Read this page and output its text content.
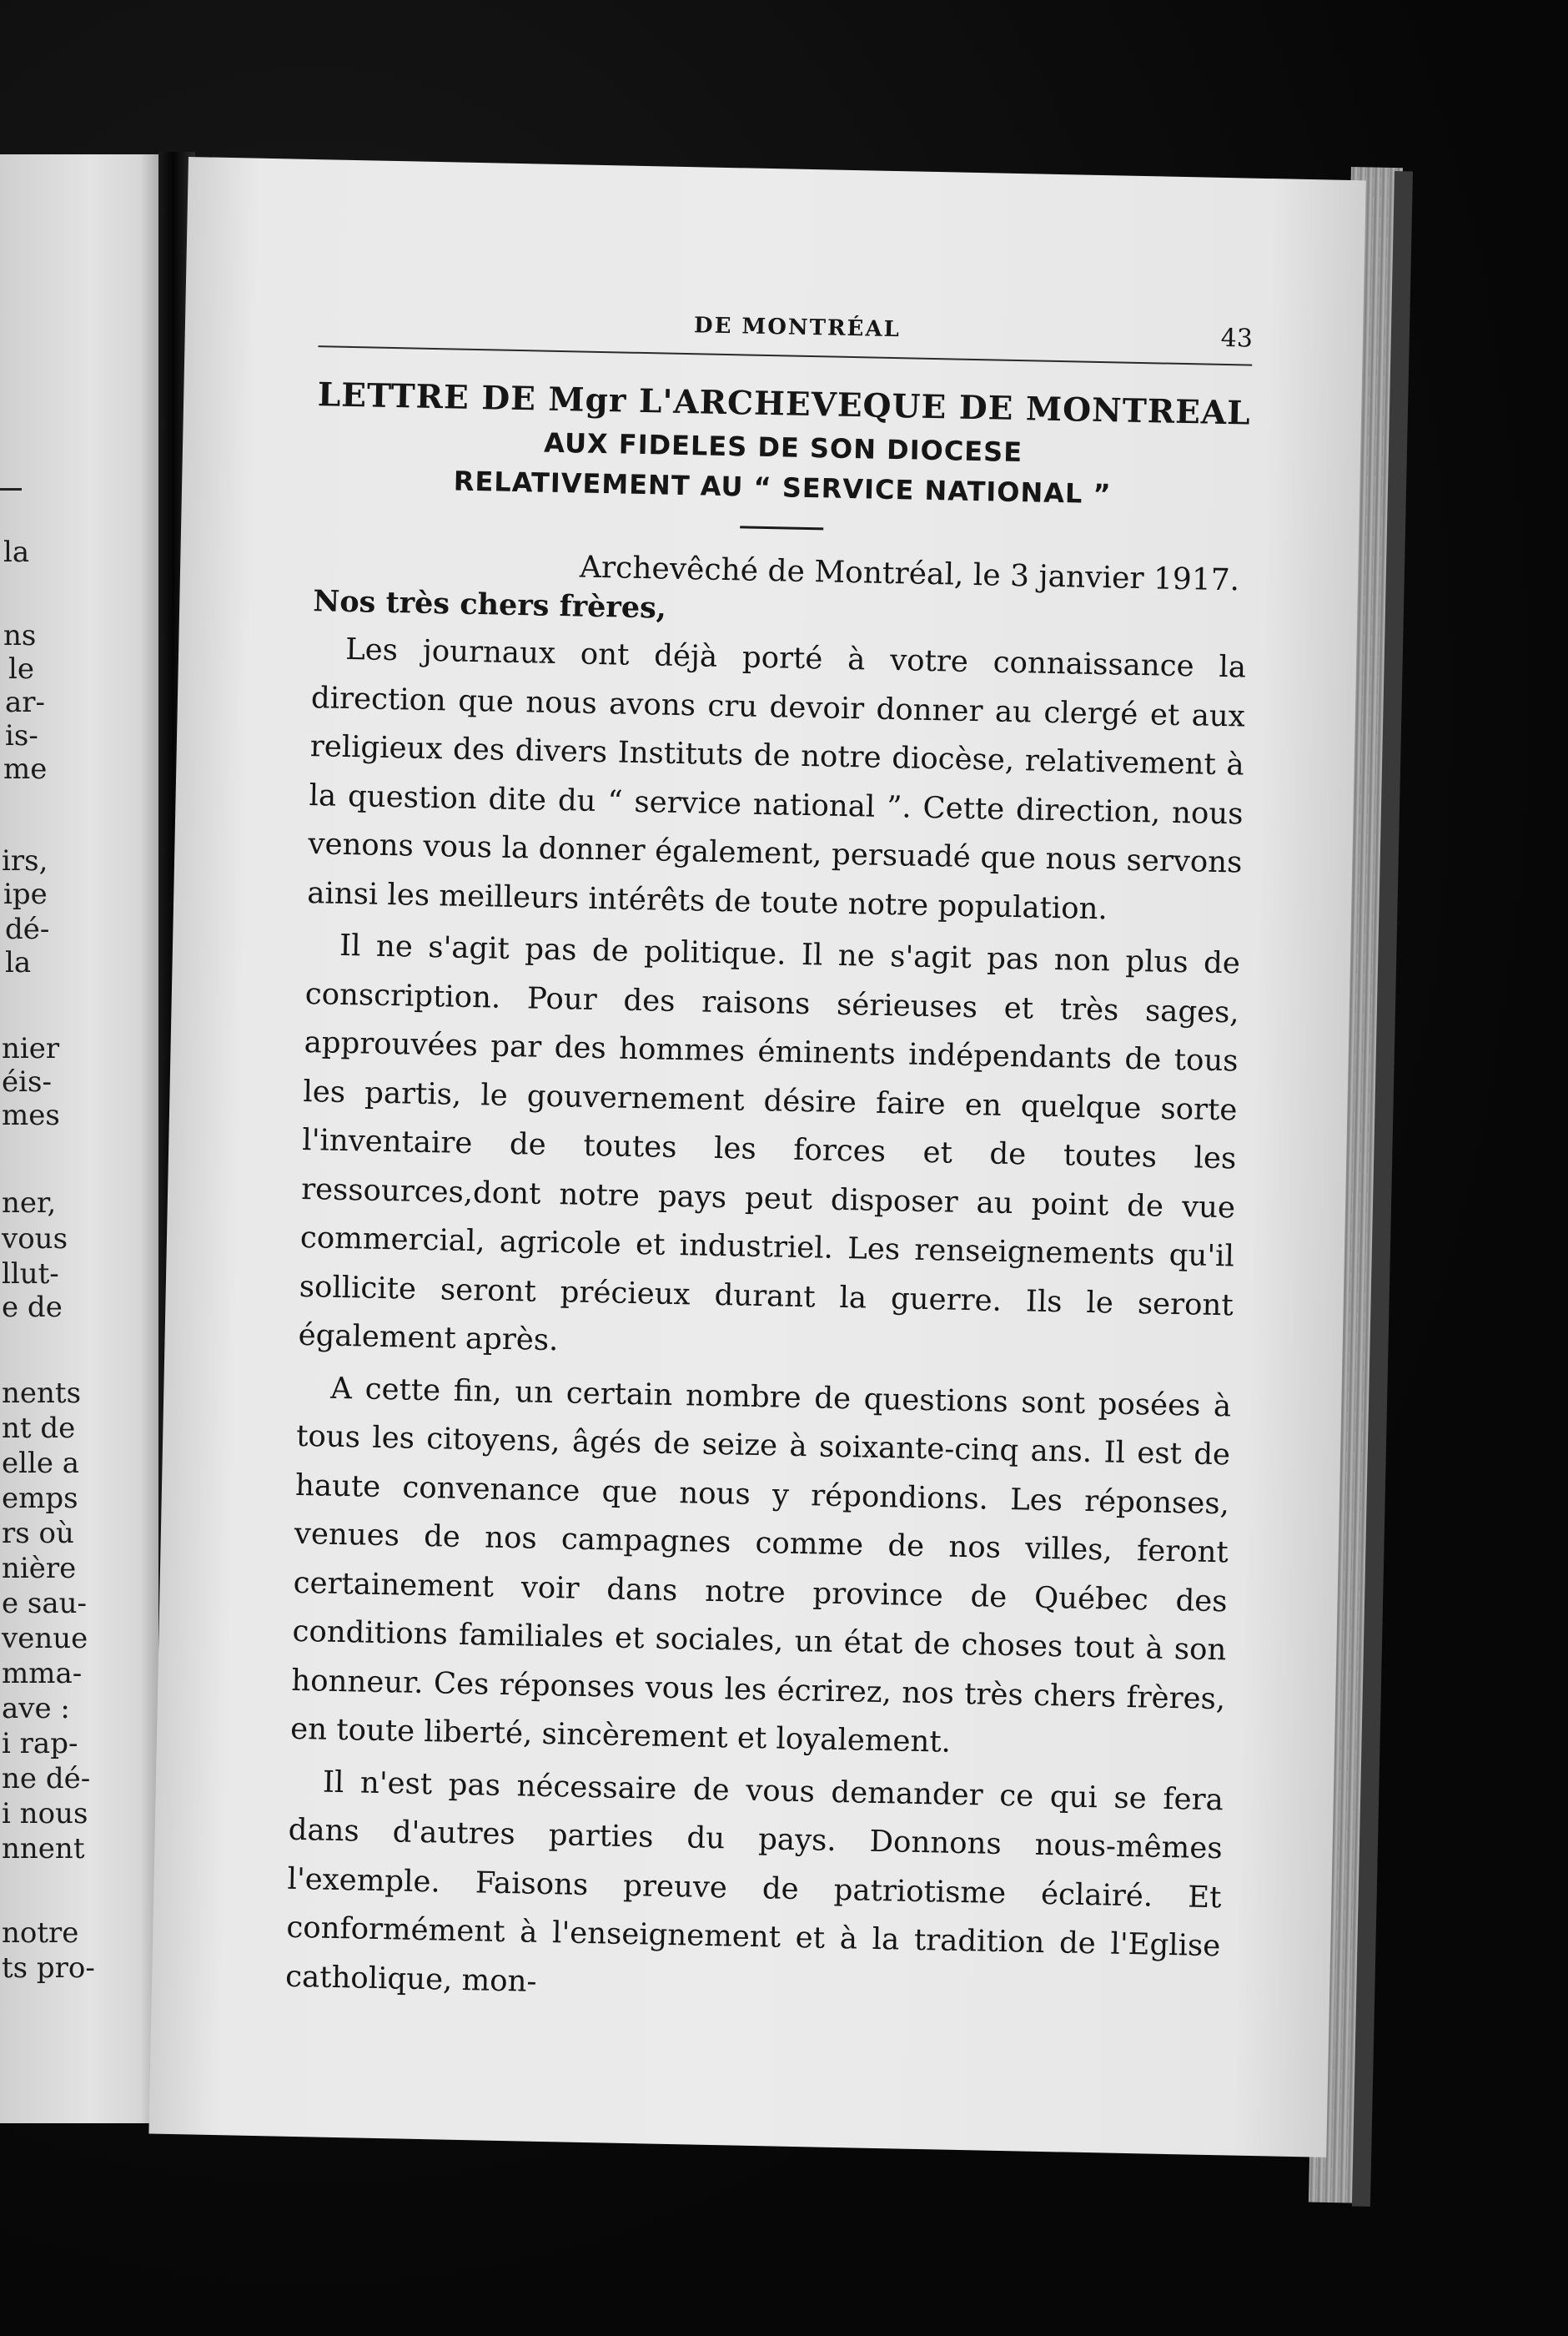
la
ns
le
ar-
is-
me
irs,
ipe
dé-
la
nier
éis-
mes
ner,
vous
llut-
e de
nents
nt de
elle a
emps
rs où
nière
e sau-
venue
mma-
ave :
i rap-
ne dé-
i nous
nnent
notre
ts pro-
DE MONTRÉAL	43
LETTRE DE Mgr L'ARCHEVEQUE DE MONTREAL
AUX FIDELES DE SON DIOCESE
RELATIVEMENT AU “ SERVICE NATIONAL ”
Archevêché de Montréal, le 3 janvier 1917.
Nos très chers frères,

Les journaux ont déjà porté à votre connaissance la direction que nous avons cru devoir donner au clergé et aux religieux des divers Instituts de notre diocèse, relativement à la question dite du “ service national ”. Cette direction, nous venons vous la donner également, persuadé que nous servons ainsi les meilleurs intérêts de toute notre population.

Il ne s'agit pas de politique. Il ne s'agit pas non plus de conscription. Pour des raisons sérieuses et très sages, approuvées par des hommes éminents indépendants de tous les partis, le gouvernement désire faire en quelque sorte l'inventaire de toutes les forces et de toutes les ressources,dont notre pays peut disposer au point de vue commercial, agricole et industriel. Les renseignements qu'il sollicite seront précieux durant la guerre. Ils le seront également après.

A cette fin, un certain nombre de questions sont posées à tous les citoyens, âgés de seize à soixante-cinq ans. Il est de haute convenance que nous y répondions. Les réponses, venues de nos campagnes comme de nos villes, feront certainement voir dans notre province de Québec des conditions familiales et sociales, un état de choses tout à son honneur. Ces réponses vous les écrirez, nos très chers frères, en toute liberté, sincèrement et loyalement.

Il n'est pas nécessaire de vous demander ce qui se fera dans d'autres parties du pays. Donnons nous-mêmes l'exemple. Faisons preuve de patriotisme éclairé. Et conformément à l'enseignement et à la tradition de l'Eglise catholique, mon-
